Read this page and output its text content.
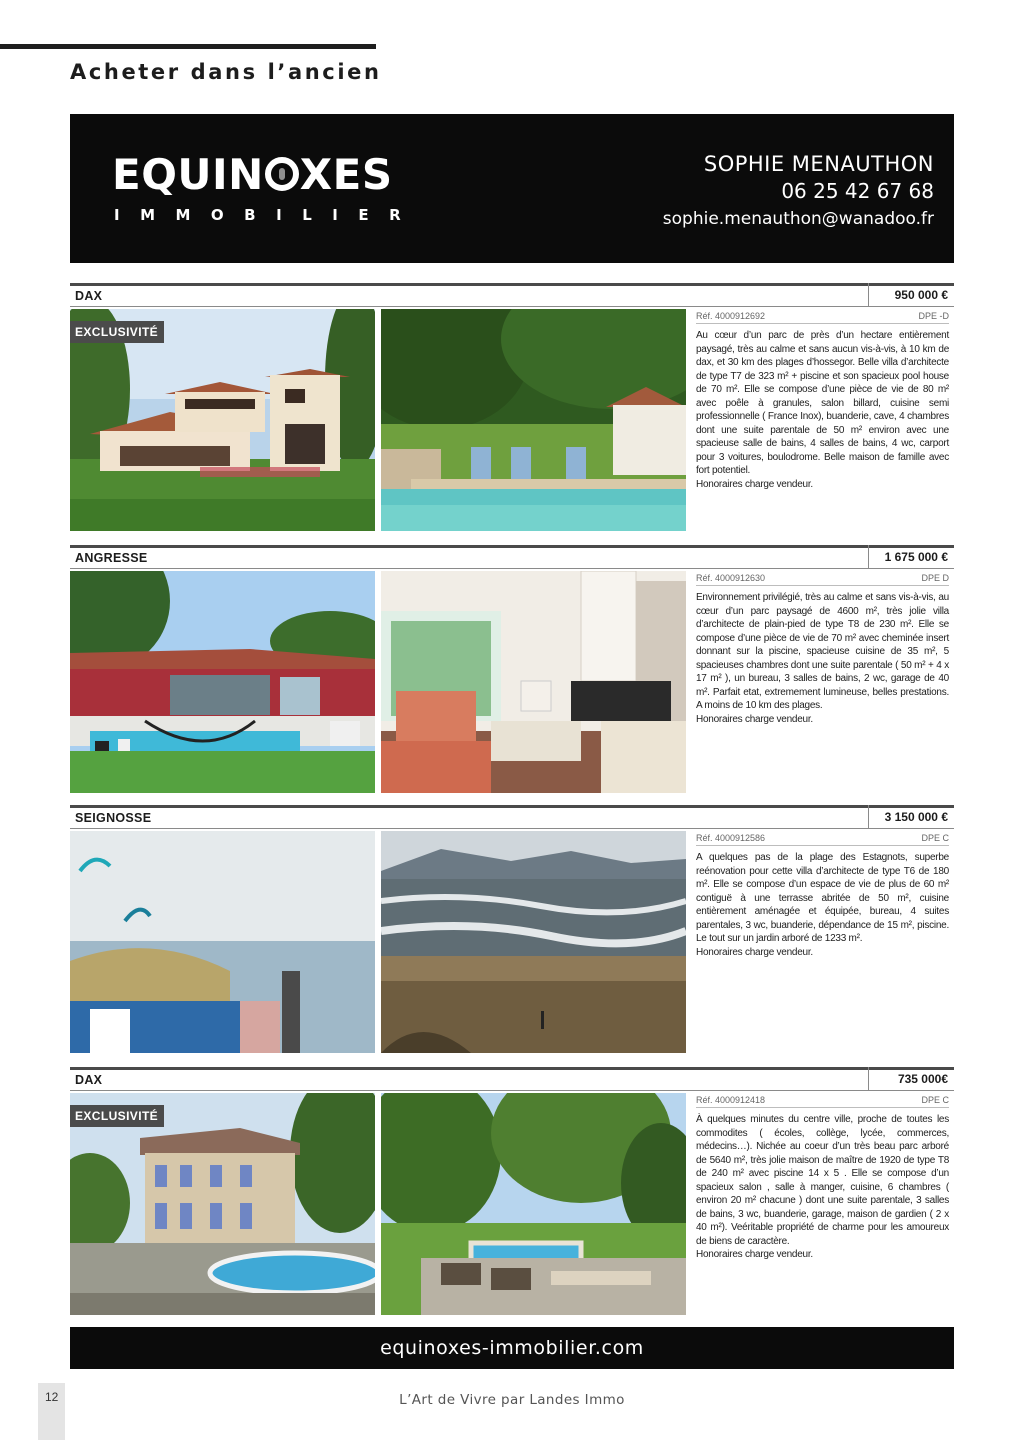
Acheter dans l’ancien
EQUIN XES
IMMOBILIER
SOPHIE MENAUTHON
06 25 42 67 68
sophie.menauthon@wanadoo.fr
DAX	950 000 €
EXCLUSIVITÉ
Réf. 4000912692	DPE -D

Au cœur d’un parc de près d’un hectare entièrement paysagé, très au calme et sans aucun vis-à-vis, à 10 km de dax, et 30 km des plages d’hossegor. Belle villa d’architecte de type T7 de 323 m² + piscine et son spacieux pool house de 70 m². Elle se compose d’une pièce de vie de 80 m² avec poêle à granules, salon billard, cuisine semi professionnelle ( France Inox), buanderie, cave, 4 chambres dont une suite parentale de 50 m² environ avec une spacieuse salle de bains, 4 salles de bains, 4 wc, carport pour 3 voitures, boulodrome. Belle maison de famille avec fort potentiel.
Honoraires charge vendeur.

ANGRESSE	1 675 000 €
Réf. 4000912630	DPE D

Environnement privilégié, très au calme et sans vis-à-vis, au cœur d’un parc paysagé de 4600 m², très jolie villa d’architecte de plain-pied de type T8 de 230 m². Elle se compose d’une pièce de vie de 70 m² avec cheminée insert donnant sur la piscine, spacieuse cuisine de 35 m², 5 spacieuses chambres dont une suite parentale ( 50 m² + 4 x 17 m² ), un bureau, 3 salles de bains, 2 wc, garage de 40 m². Parfait etat, extremement lumineuse, belles prestations. A moins de 10 km des plages.
Honoraires charge vendeur.

SEIGNOSSE	3 150 000 €
Réf. 4000912586	DPE C

A quelques pas de la plage des Estagnots, superbe reénovation pour cette villa d’architecte de type T6 de 180 m². Elle se compose d’un espace de vie de plus de 60 m² contiguë à une terrasse abritée de 50 m², cuisine entièrement aménagée et équipée, bureau, 4 suites parentales, 3 wc, buanderie, dépendance de 15 m², piscine. Le tout sur un jardin arboré de 1233 m².
Honoraires charge vendeur.

DAX	735 000€
EXCLUSIVITÉ
Réf. 4000912418	DPE C

À quelques minutes du centre ville, proche de toutes les commodites ( écoles, collège, lycée, commerces, médecins…). Nichée au coeur d’un très beau parc arboré de 5640 m², très jolie maison de maître de 1920 de type T8 de 240 m² avec piscine 14 x 5 . Elle se compose d’un spacieux salon , salle à manger, cuisine, 6 chambres ( environ 20 m² chacune ) dont une suite parentale, 3 salles de bains, 3 wc, buanderie, garage, maison de gardien ( 2 x 40 m²). Veéritable propriété de charme pour les amoureux de biens de caractère.
Honoraires charge vendeur.

equinoxes-immobilier.com
12	L’Art de Vivre par Landes Immo
